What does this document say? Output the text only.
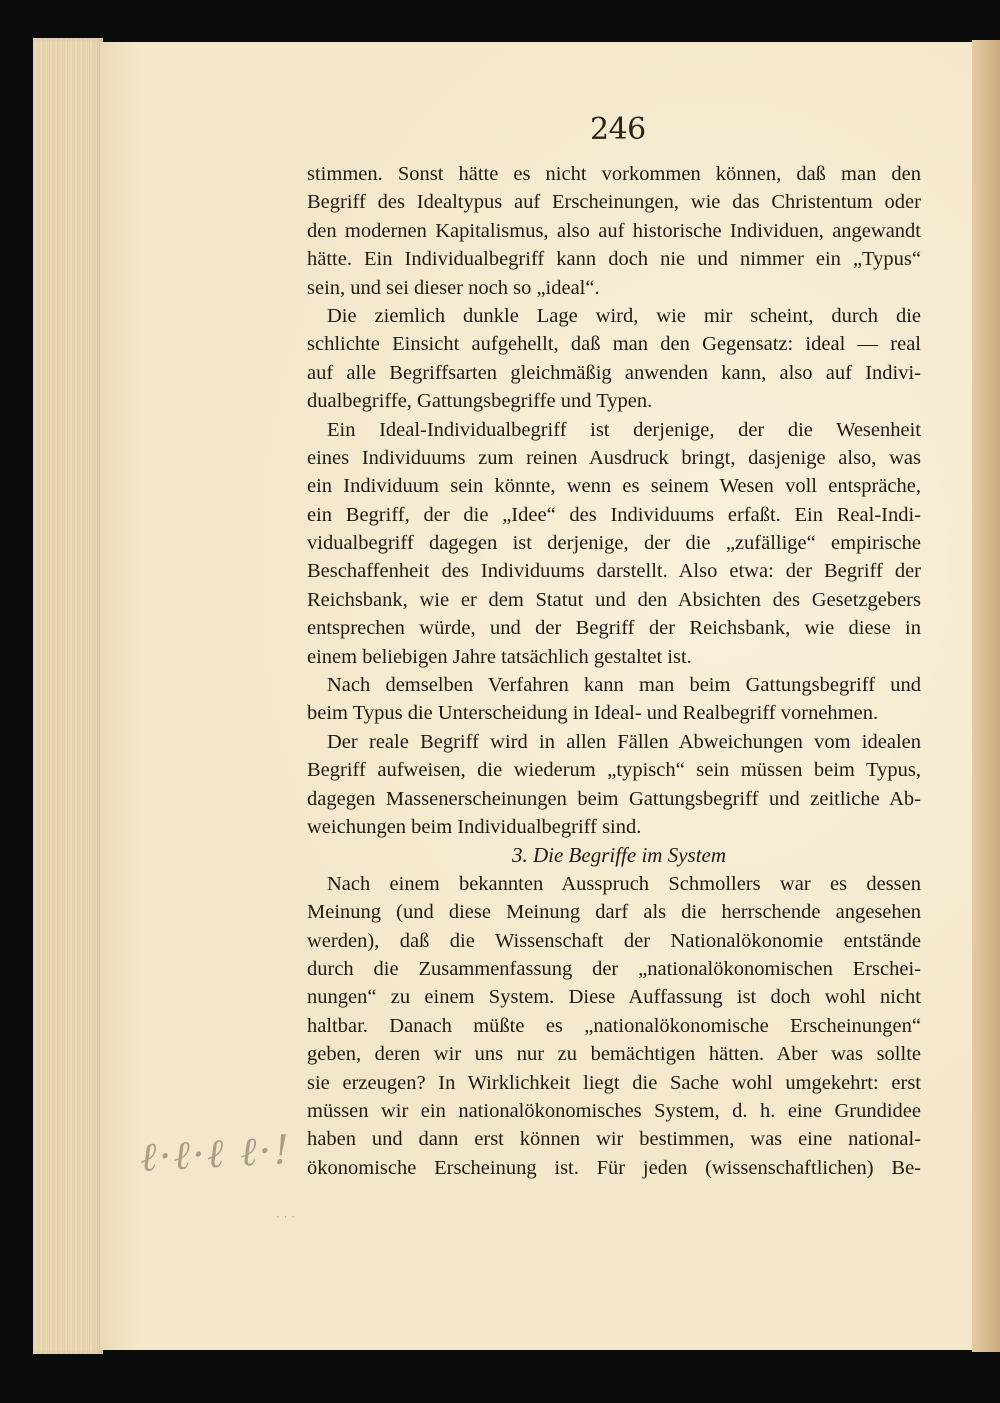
246
stimmen. Sonst hätte es nicht vorkommen können, daß man den
Begriff des Idealtypus auf Erscheinungen, wie das Christentum oder
den modernen Kapitalismus, also auf historische Individuen, angewandt
hätte. Ein Individualbegriff kann doch nie und nimmer ein „Typus“
sein, und sei dieser noch so „ideal“.
Die ziemlich dunkle Lage wird, wie mir scheint, durch die
schlichte Einsicht aufgehellt, daß man den Gegensatz: ideal — real
auf alle Begriffsarten gleichmäßig anwenden kann, also auf Indivi-
dualbegriffe, Gattungsbegriffe und Typen.
Ein Ideal-Individualbegriff ist derjenige, der die Wesenheit
eines Individuums zum reinen Ausdruck bringt, dasjenige also, was
ein Individuum sein könnte, wenn es seinem Wesen voll entspräche,
ein Begriff, der die „Idee“ des Individuums erfaßt. Ein Real-Indi-
vidualbegriff dagegen ist derjenige, der die „zufällige“ empirische
Beschaffenheit des Individuums darstellt. Also etwa: der Begriff der
Reichsbank, wie er dem Statut und den Absichten des Gesetzgebers
entsprechen würde, und der Begriff der Reichsbank, wie diese in
einem beliebigen Jahre tatsächlich gestaltet ist.
Nach demselben Verfahren kann man beim Gattungsbegriff und
beim Typus die Unterscheidung in Ideal- und Realbegriff vornehmen.
Der reale Begriff wird in allen Fällen Abweichungen vom idealen
Begriff aufweisen, die wiederum „typisch“ sein müssen beim Typus,
dagegen Massenerscheinungen beim Gattungsbegriff und zeitliche Ab-
weichungen beim Individualbegriff sind.
3. Die Begriffe im System
Nach einem bekannten Ausspruch Schmollers war es dessen
Meinung (und diese Meinung darf als die herrschende angesehen
werden), daß die Wissenschaft der Nationalökonomie entstände
durch die Zusammenfassung der „nationalökonomischen Erschei-
nungen“ zu einem System. Diese Auffassung ist doch wohl nicht
haltbar. Danach müßte es „nationalökonomische Erscheinungen“
geben, deren wir uns nur zu bemächtigen hätten. Aber was sollte
sie erzeugen? In Wirklichkeit liegt die Sache wohl umgekehrt: erst
müssen wir ein nationalökonomisches System, d. h. eine Grundidee
haben und dann erst können wir bestimmen, was eine national-
ökonomische Erscheinung ist. Für jeden (wissenschaftlichen) Be-
ℓ·ℓ·ℓ ℓ·!
· · ·
